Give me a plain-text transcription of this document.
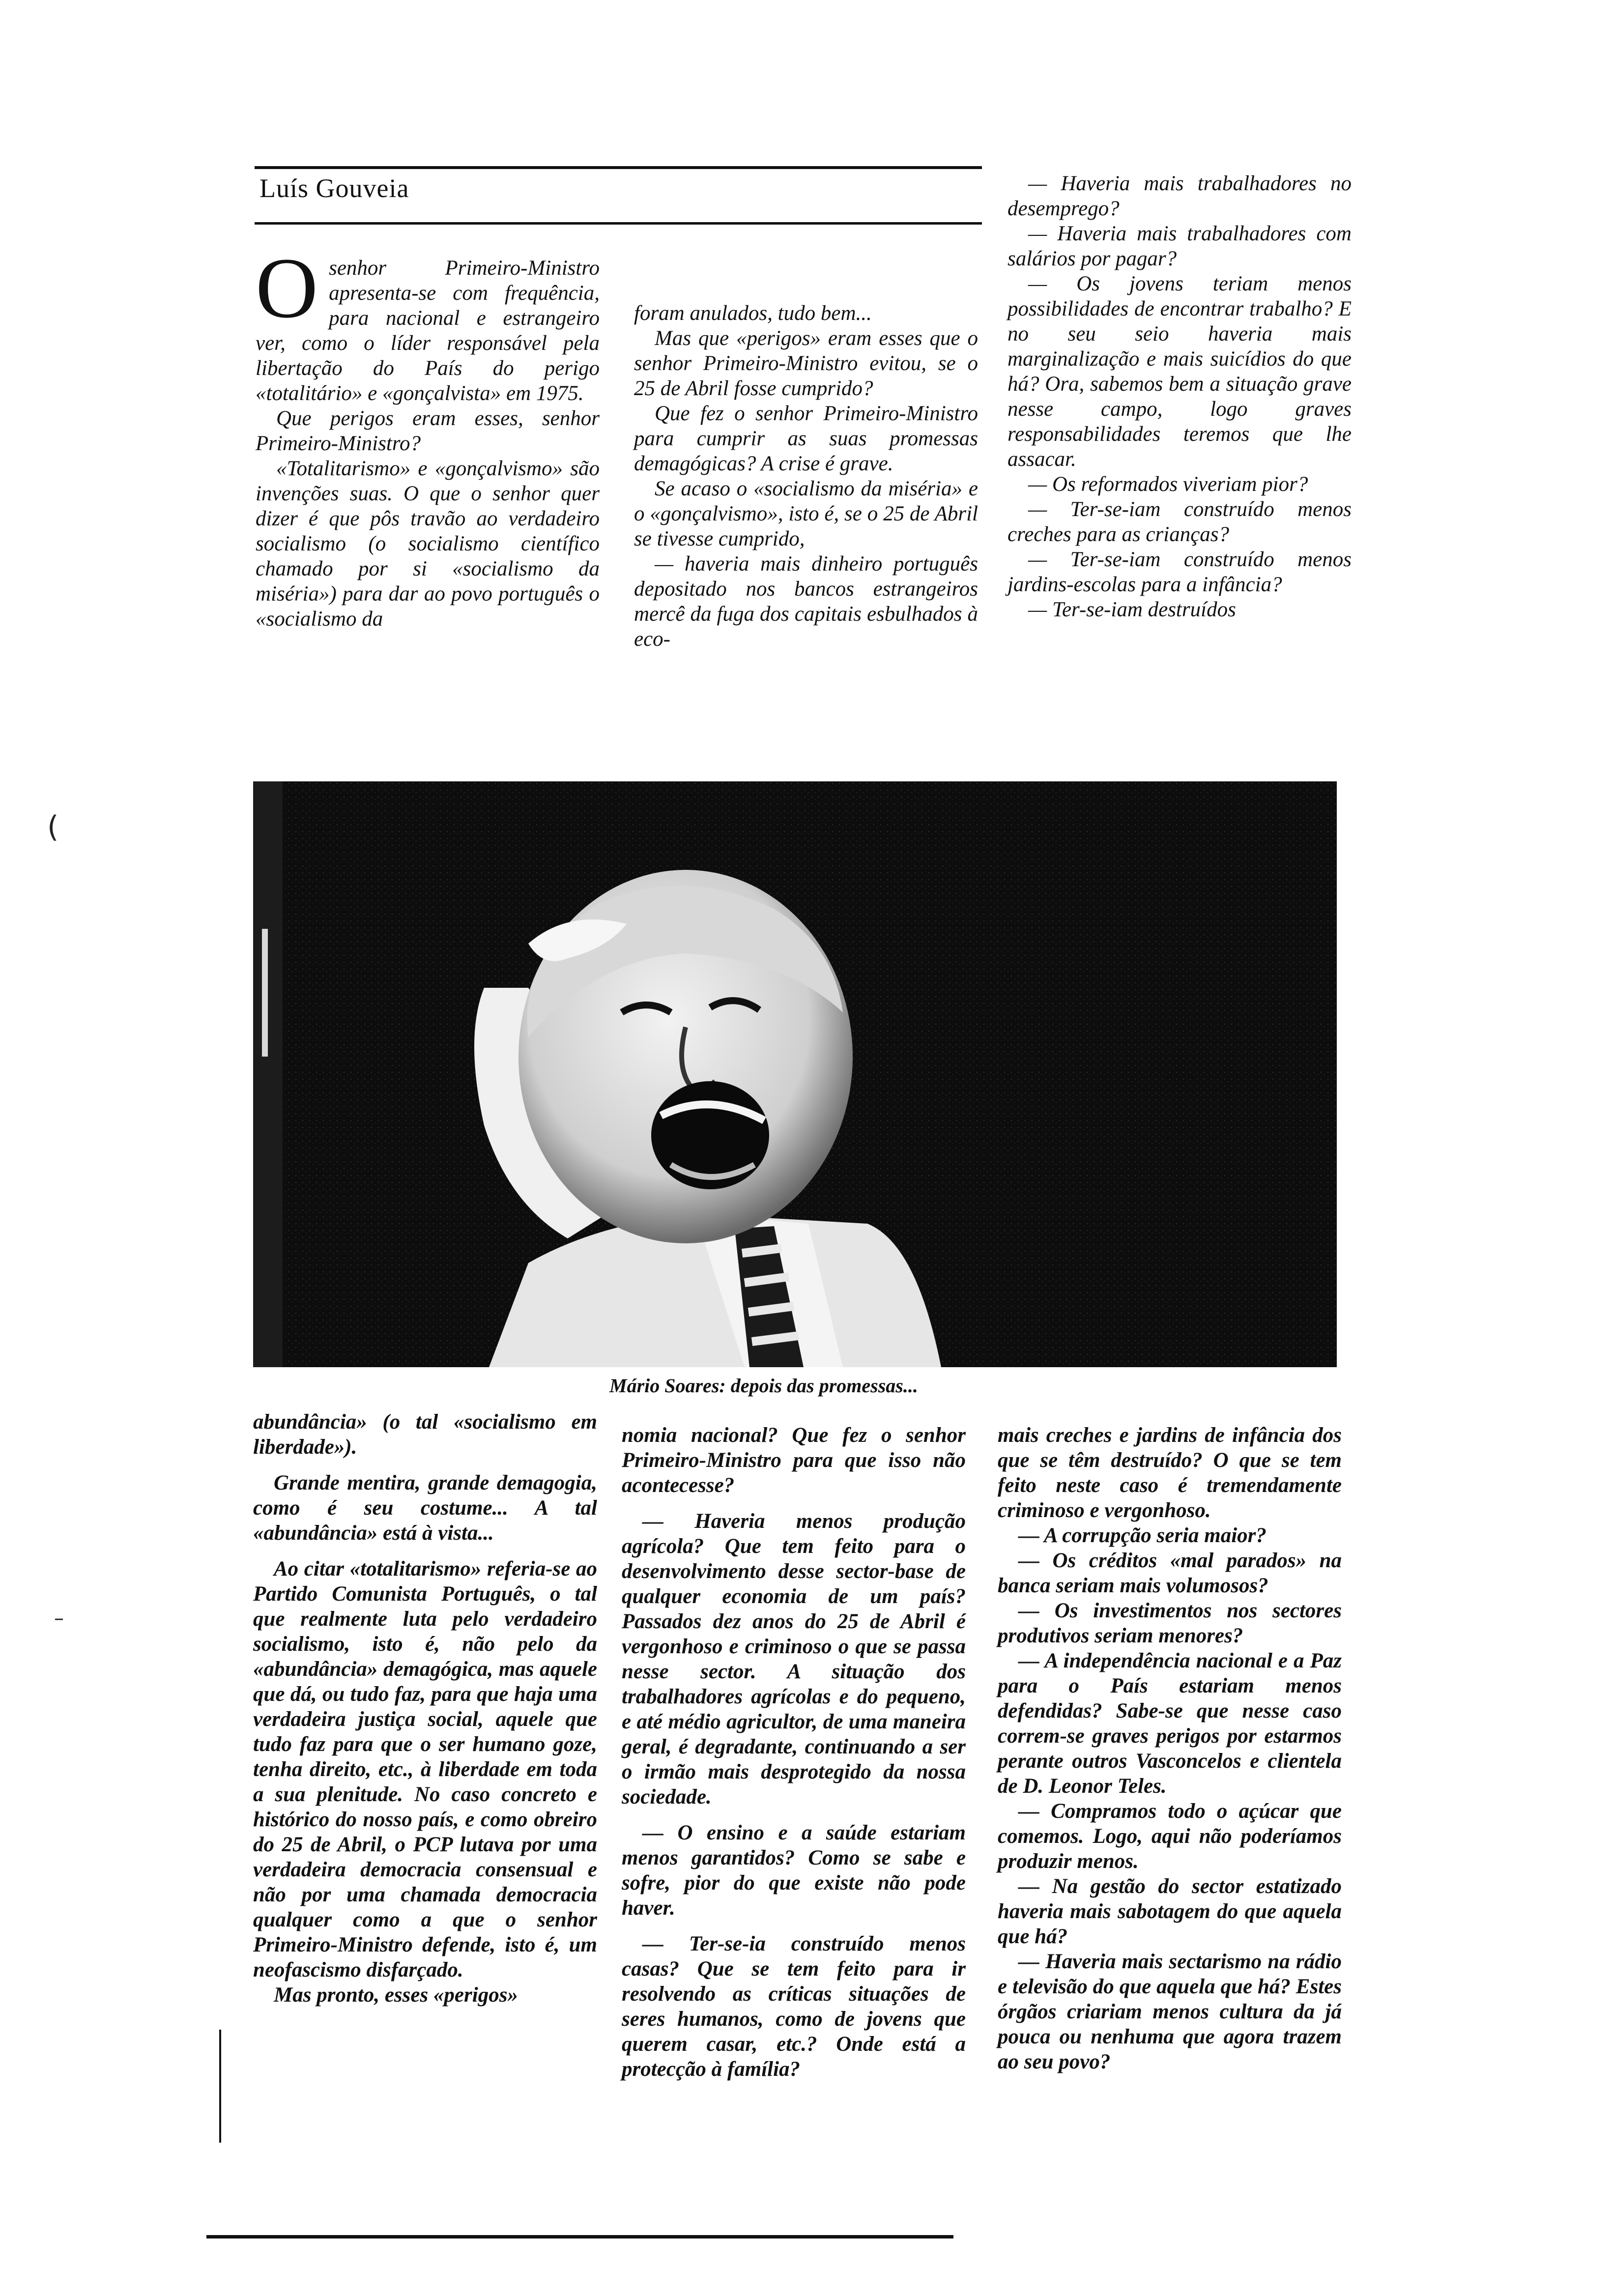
Luís Gouveia

Osenhor Primeiro-Ministro apresenta-se com frequência, para nacional e estrangeiro ver, como o líder responsável pela libertação do País do perigo «totalitário» e «gonçalvista» em 1975.

Que perigos eram esses, senhor Primeiro-Ministro?

«Totalitarismo» e «gonçalvismo» são invenções suas. O que o senhor quer dizer é que pôs travão ao verdadeiro socialismo (o socialismo científico chamado por si «socialismo da miséria») para dar ao povo português o «socialismo da

foram anulados, tudo bem...

Mas que «perigos» eram esses que o senhor Primeiro-Ministro evitou, se o 25 de Abril fosse cumprido?

Que fez o senhor Primeiro-Ministro para cumprir as suas promessas demagógicas? A crise é grave.

Se acaso o «socialismo da miséria» e o «gonçalvismo», isto é, se o 25 de Abril se tivesse cumprido,

— haveria mais dinheiro português depositado nos bancos estrangeiros mercê da fuga dos capitais esbulhados à eco-

— Haveria mais trabalhadores no desemprego?

— Haveria mais trabalhadores com salários por pagar?

— Os jovens teriam menos possibilidades de encontrar trabalho? E no seu seio haveria mais marginalização e mais suicídios do que há? Ora, sabemos bem a situação grave nesse campo, logo graves responsabilidades teremos que lhe assacar.

— Os reformados viveriam pior?

— Ter-se-iam construído menos creches para as crianças?

— Ter-se-iam construído menos jardins-escolas para a infância?

— Ter-se-iam destruídos

Mário Soares: depois das promessas...

abundância» (o tal «socialismo em liberdade»).

Grande mentira, grande demagogia, como é seu costume... A tal «abundância» está à vista...

Ao citar «totalitarismo» referia-se ao Partido Comunista Português, o tal que realmente luta pelo verdadeiro socialismo, isto é, não pelo da «abundância» demagógica, mas aquele que dá, ou tudo faz, para que haja uma verdadeira justiça social, aquele que tudo faz para que o ser humano goze, tenha direito, etc., à liberdade em toda a sua plenitude. No caso concreto e histórico do nosso país, e como obreiro do 25 de Abril, o PCP lutava por uma verdadeira democracia consensual e não por uma chamada democracia qualquer como a que o senhor Primeiro-Ministro defende, isto é, um neofascismo disfarçado.

Mas pronto, esses «perigos»

nomia nacional? Que fez o senhor Primeiro-Ministro para que isso não acontecesse?

— Haveria menos produção agrícola? Que tem feito para o desenvolvimento desse sector-base de qualquer economia de um país? Passados dez anos do 25 de Abril é vergonhoso e criminoso o que se passa nesse sector. A situação dos trabalhadores agrícolas e do pequeno, e até médio agricultor, de uma maneira geral, é degradante, continuando a ser o irmão mais desprotegido da nossa sociedade.

— O ensino e a saúde estariam menos garantidos? Como se sabe e sofre, pior do que existe não pode haver.

— Ter-se-ia construído menos casas? Que se tem feito para ir resolvendo as críticas situações de seres humanos, como de jovens que querem casar, etc.? Onde está a protecção à família?

mais creches e jardins de infância dos que se têm destruído? O que se tem feito neste caso é tremendamente criminoso e vergonhoso.

— A corrupção seria maior?

— Os créditos «mal parados» na banca seriam mais volumosos?

— Os investimentos nos sectores produtivos seriam menores?

— A independência nacional e a Paz para o País estariam menos defendidas? Sabe-se que nesse caso correm-se graves perigos por estarmos perante outros Vasconcelos e clientela de D. Leonor Teles.

— Compramos todo o açúcar que comemos. Logo, aqui não poderíamos produzir menos.

— Na gestão do sector estatizado haveria mais sabotagem do que aquela que há?

— Haveria mais sectarismo na rádio e televisão do que aquela que há? Estes órgãos criariam menos cultura da já pouca ou nenhuma que agora trazem ao seu povo?

(
–
